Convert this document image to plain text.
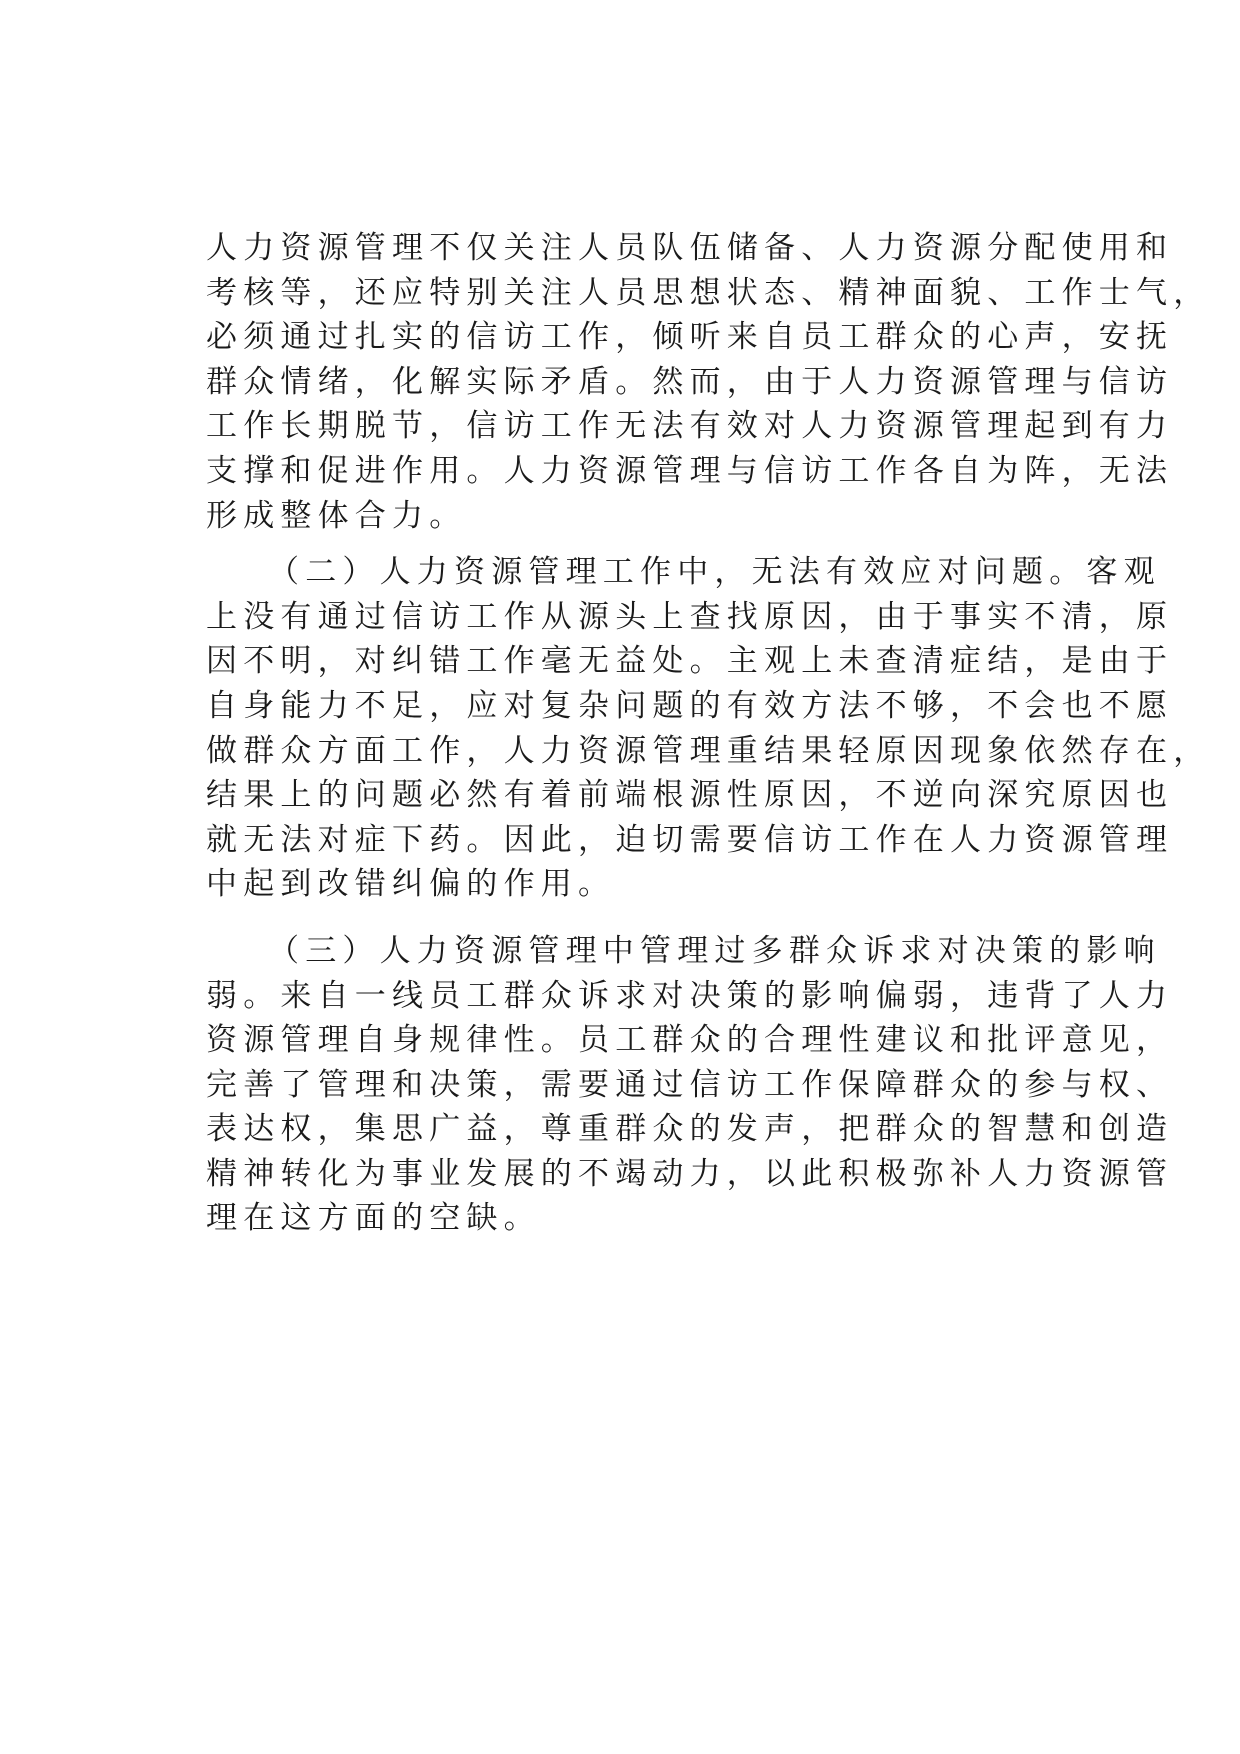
人力资源管理不仅关注人员队伍储备、人力资源分配使用和
考核等，还应特别关注人员思想状态、精神面貌、工作士气，
必须通过扎实的信访工作，倾听来自员工群众的心声，安抚
群众情绪，化解实际矛盾。然而，由于人力资源管理与信访
工作长期脱节，信访工作无法有效对人力资源管理起到有力
支撑和促进作用。人力资源管理与信访工作各自为阵，无法
形成整体合力。

（二）人力资源管理工作中，无法有效应对问题。客观
上没有通过信访工作从源头上查找原因，由于事实不清，原
因不明，对纠错工作毫无益处。主观上未查清症结，是由于
自身能力不足，应对复杂问题的有效方法不够，不会也不愿
做群众方面工作，人力资源管理重结果轻原因现象依然存在，
结果上的问题必然有着前端根源性原因，不逆向深究原因也
就无法对症下药。因此，迫切需要信访工作在人力资源管理
中起到改错纠偏的作用。

（三）人力资源管理中管理过多群众诉求对决策的影响
弱。来自一线员工群众诉求对决策的影响偏弱，违背了人力
资源管理自身规律性。员工群众的合理性建议和批评意见，
完善了管理和决策，需要通过信访工作保障群众的参与权、
表达权，集思广益，尊重群众的发声，把群众的智慧和创造
精神转化为事业发展的不竭动力，以此积极弥补人力资源管
理在这方面的空缺。
